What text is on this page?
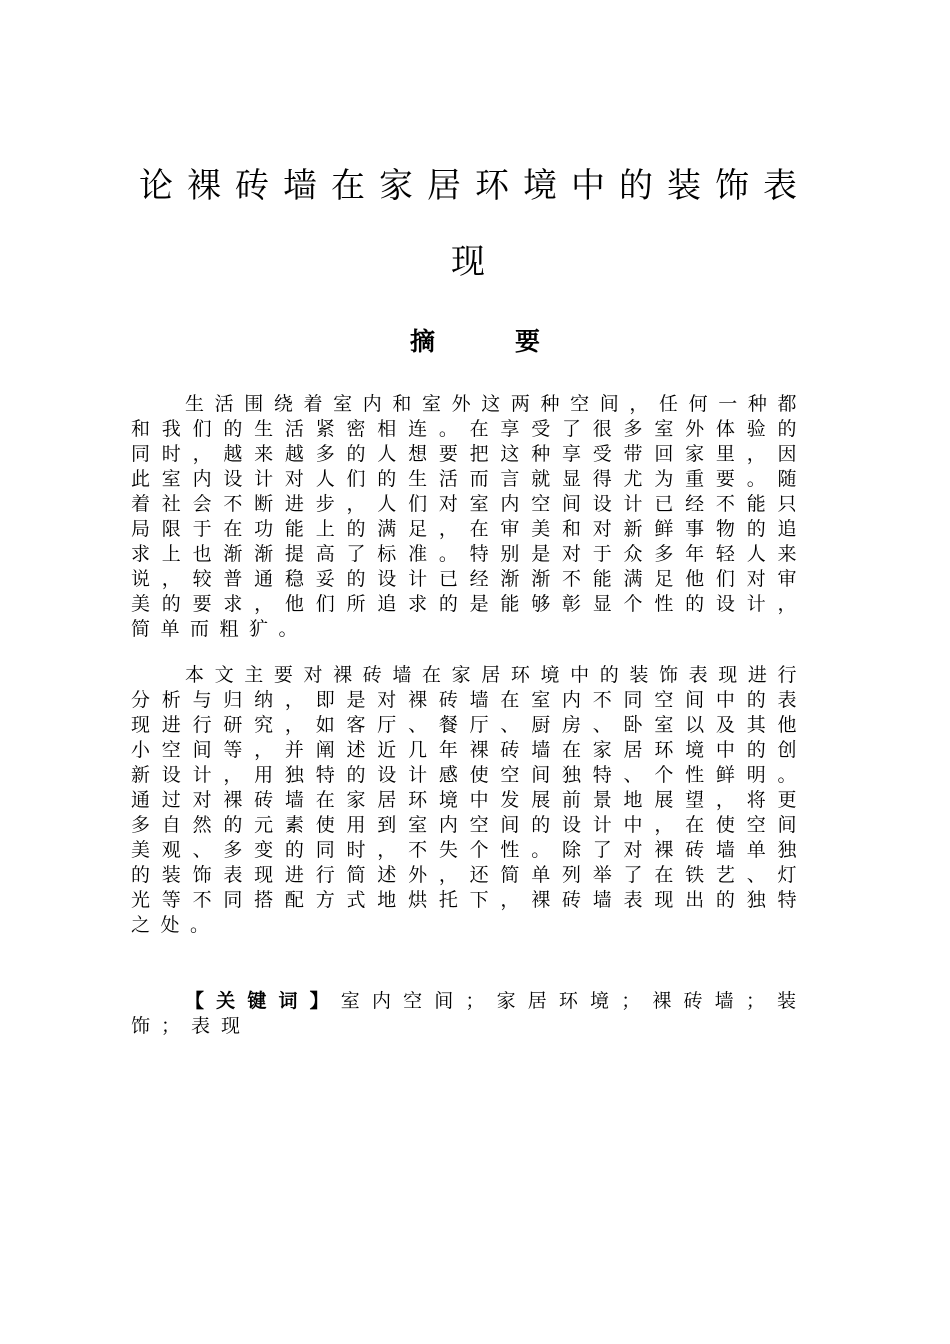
论裸砖墙在家居环境中的装饰表现
摘要

生活围绕着室内和室外这两种空间，任何一种都和我们的生活紧密相连。在享受了很多室外体验的同时，越来越多的人想要把这种享受带回家里，因此室内设计对人们的生活而言就显得尤为重要。随着社会不断进步，人们对室内空间设计已经不能只局限于在功能上的满足，在审美和对新鲜事物的追求上也渐渐提高了标准。特别是对于众多年轻人来说，较普通稳妥的设计已经渐渐不能满足他们对审美的要求，他们所追求的是能够彰显个性的设计，简单而粗犷。

本文主要对裸砖墙在家居环境中的装饰表现进行分析与归纳，即是对裸砖墙在室内不同空间中的表现进行研究，如客厅、餐厅、厨房、卧室以及其他小空间等，并阐述近几年裸砖墙在家居环境中的创新设计，用独特的设计感使空间独特、个性鲜明。通过对裸砖墙在家居环境中发展前景地展望，将更多自然的元素使用到室内空间的设计中，在使空间美观、多变的同时，不失个性。除了对裸砖墙单独的装饰表现进行简述外，还简单列举了在铁艺、灯光等不同搭配方式地烘托下，裸砖墙表现出的独特之处。

【关键词】室内空间；家居环境；裸砖墙；装饰；表现
